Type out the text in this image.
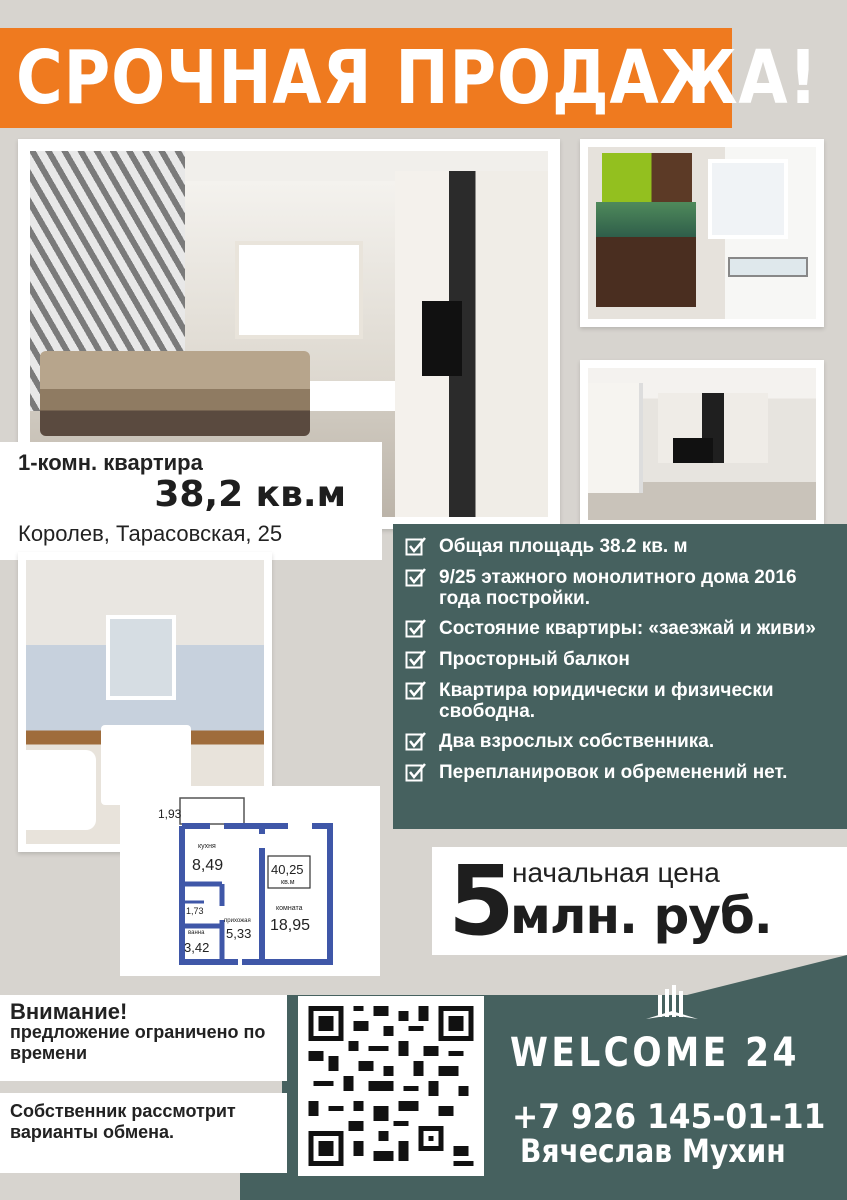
СРОЧНАЯ ПРОДАЖА!
1-комн. квартира
38,2 кв.м
Королев, Тарасовская, 25
Общая площадь 38.2 кв. м
9/25 этажного монолитного дома 2016 года постройки.
Состояние квартиры: «заезжай и живи»
Просторный балкон
Квартира юридически и физически свободна.
Два взрослых собственника.
Перепланировок и обременений нет.
1,93
кухня
8,49	40,25
кв.м
1,73
прихожая
5,33
комната
18,95
ванна
3,42 5
начальная цена
млн. руб.
Внимание!
предложение ограничено по времени
Собственник рассмотрит варианты обмена.
WELCOME 24
+7 926 145-01-11
Вячеслав Мухин
